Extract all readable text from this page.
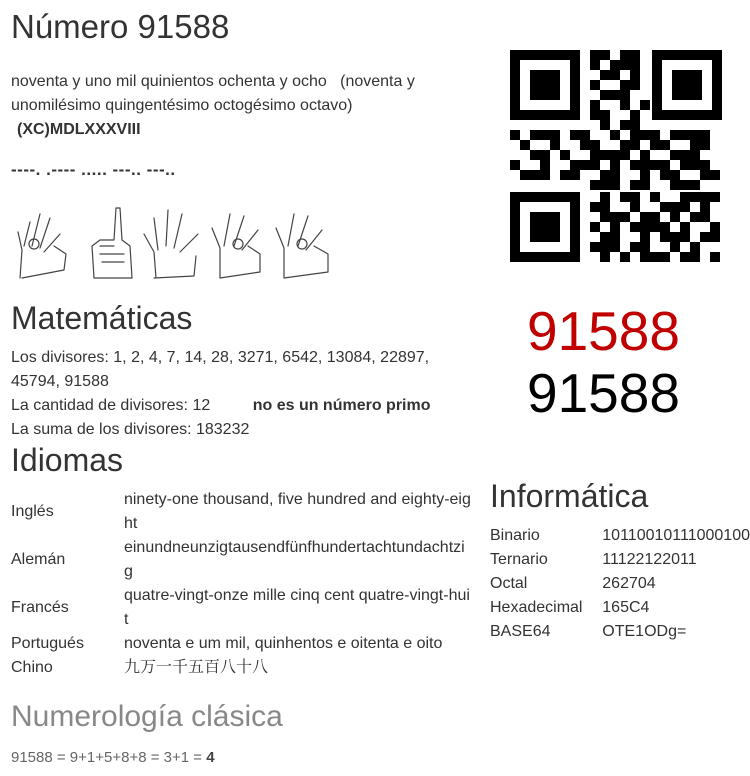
Número 91588
noventa y uno mil quinientos ochenta y ocho (noventa y unomilésimo quingentésimo octogésimo octavo) (XC)MDLXXXVIII
----. .---- ..... ---.. ---..
Matemáticas
Los divisores: 1, 2, 4, 7, 14, 28, 3271, 6542, 13084, 22897, 45794, 91588
La cantidad de divisores: 12	no es un número primo
La suma de los divisores: 183232
Idiomas
Inglés	ninety-one thousand, five hundred and eighty-eight
Alemán	einundneunzigtausendfünfhundertachtundachtzig
Francés	quatre-vingt-onze mille cinq cent quatre-vingt-huit
Portugués	noventa e um mil, quinhentos e oitenta e oito
Chino	九万一千五百八十八
Numerología clásica
91588 = 9+1+5+8+8 = 3+1 = 4
91588
91588
Informática
Binario	10110010111000100
Ternario	11122122011
Octal	262704
Hexadecimal	165C4
BASE64	OTE1ODg=
